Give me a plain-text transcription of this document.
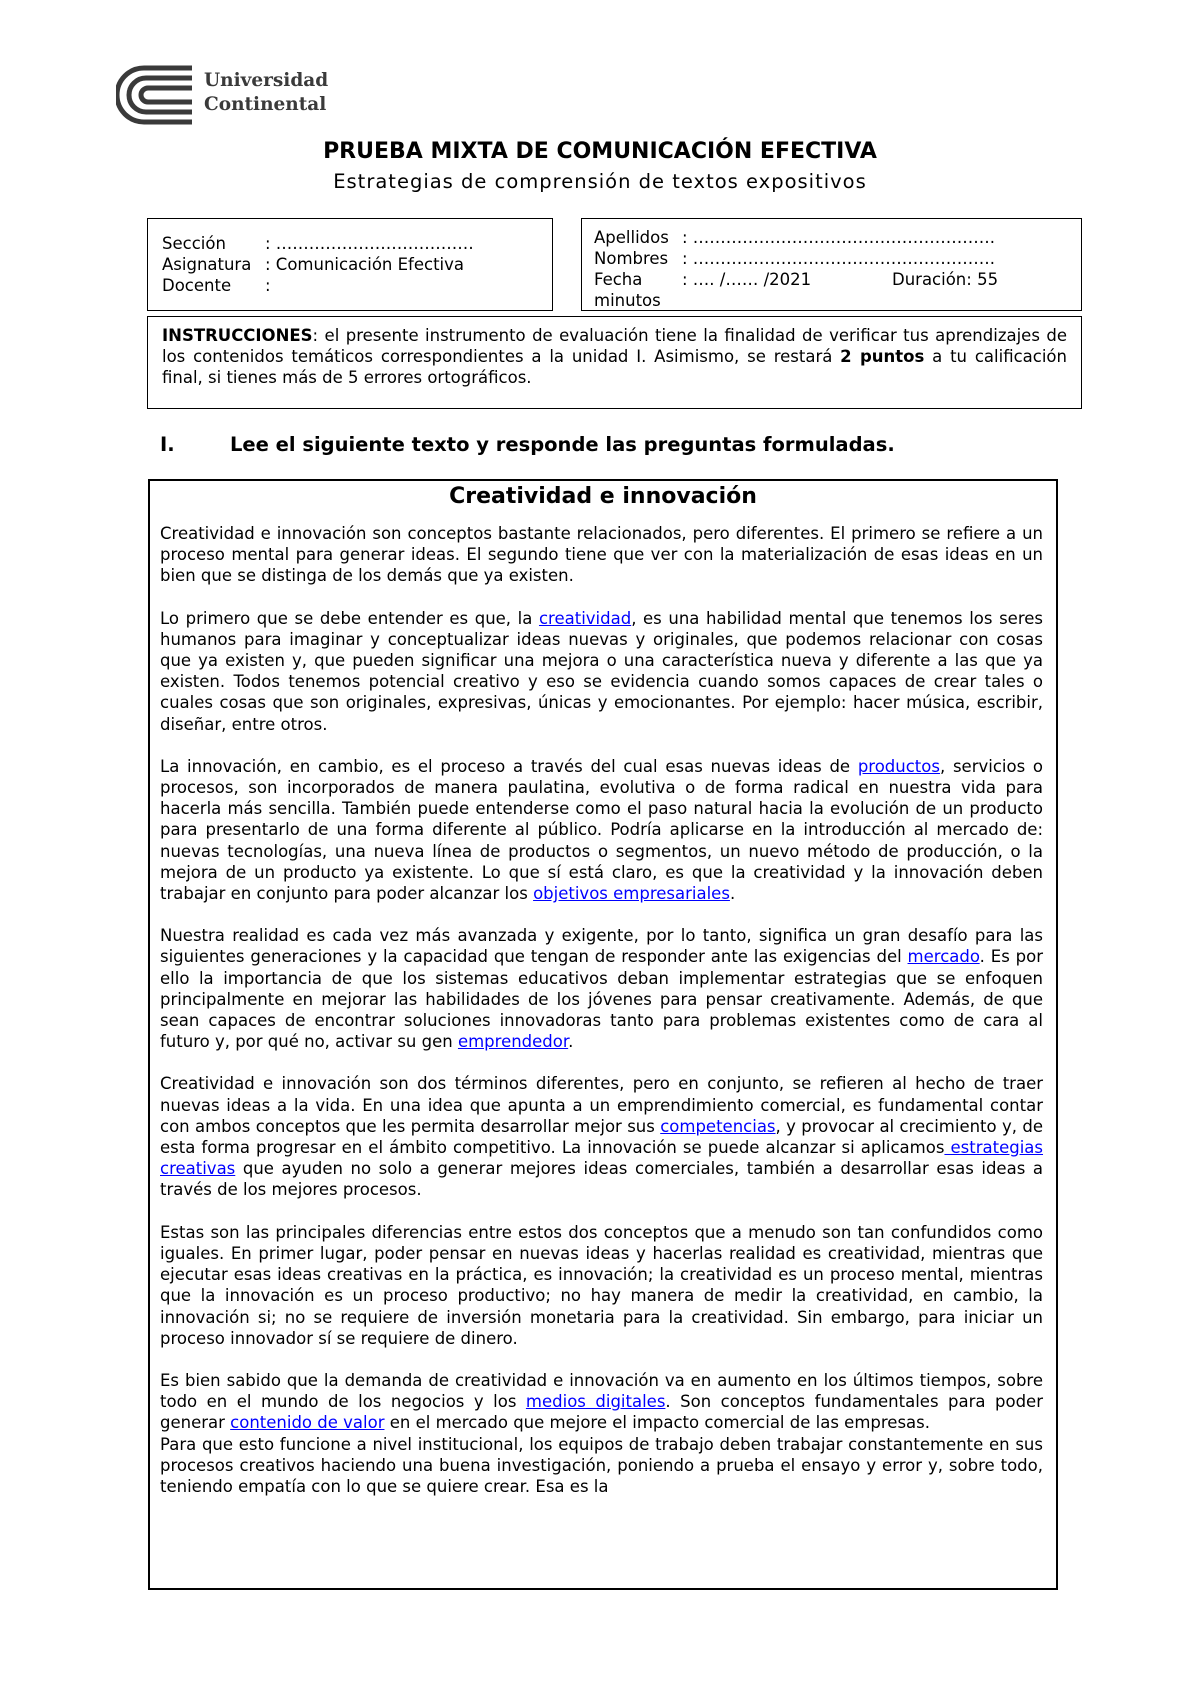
Universidad
Continental
PRUEBA MIXTA DE COMUNICACIÓN EFECTIVA
Estrategias de comprensión de textos expositivos
Sección : ………………………………
Asignatura : Comunicación Efectiva
Docente :
Apellidos : ……………………………………………….
Nombres : ……………………………………………….
Fecha : …. /…… /2021	Duración: 55
minutos
INSTRUCCIONES: el presente instrumento de evaluación tiene la finalidad de verificar tus aprendizajes de los contenidos temáticos correspondientes a la unidad I. Asimismo, se restará 2 puntos a tu calificación final, si tienes más de 5 errores ortográficos.
I.	Lee el siguiente texto y responde las preguntas formuladas.
Creatividad e innovación

Creatividad e innovación son conceptos bastante relacionados, pero diferentes. El primero se refiere a un proceso mental para generar ideas. El segundo tiene que ver con la materialización de esas ideas en un bien que se distinga de los demás que ya existen.

Lo primero que se debe entender es que, la creatividad, es una habilidad mental que tenemos los seres humanos para imaginar y conceptualizar ideas nuevas y originales, que podemos relacionar con cosas que ya existen y, que pueden significar una mejora o una característica nueva y diferente a las que ya existen. Todos tenemos potencial creativo y eso se evidencia cuando somos capaces de crear tales o cuales cosas que son originales, expresivas, únicas y emocionantes. Por ejemplo: hacer música, escribir, diseñar, entre otros.

La innovación, en cambio, es el proceso a través del cual esas nuevas ideas de productos, servicios o procesos, son incorporados de manera paulatina, evolutiva o de forma radical en nuestra vida para hacerla más sencilla. También puede entenderse como el paso natural hacia la evolución de un producto para presentarlo de una forma diferente al público. Podría aplicarse en la introducción al mercado de: nuevas tecnologías, una nueva línea de productos o segmentos, un nuevo método de producción, o la mejora de un producto ya existente. Lo que sí está claro, es que la creatividad y la innovación deben trabajar en conjunto para poder alcanzar los objetivos empresariales.

Nuestra realidad es cada vez más avanzada y exigente, por lo tanto, significa un gran desafío para las siguientes generaciones y la capacidad que tengan de responder ante las exigencias del mercado. Es por ello la importancia de que los sistemas educativos deban implementar estrategias que se enfoquen principalmente en mejorar las habilidades de los jóvenes para pensar creativamente. Además, de que sean capaces de encontrar soluciones innovadoras tanto para problemas existentes como de cara al futuro y, por qué no, activar su gen emprendedor.

Creatividad e innovación son dos términos diferentes, pero en conjunto, se refieren al hecho de traer nuevas ideas a la vida. En una idea que apunta a un emprendimiento comercial, es fundamental contar con ambos conceptos que les permita desarrollar mejor sus competencias, y provocar al crecimiento y, de esta forma progresar en el ámbito competitivo. La innovación se puede alcanzar si aplicamos estrategias creativas que ayuden no solo a generar mejores ideas comerciales, también a desarrollar esas ideas a través de los mejores procesos.

Estas son las principales diferencias entre estos dos conceptos que a menudo son tan confundidos como iguales. En primer lugar, poder pensar en nuevas ideas y hacerlas realidad es creatividad, mientras que ejecutar esas ideas creativas en la práctica, es innovación; la creatividad es un proceso mental, mientras que la innovación es un proceso productivo; no hay manera de medir la creatividad, en cambio, la innovación si; no se requiere de inversión monetaria para la creatividad. Sin embargo, para iniciar un proceso innovador sí se requiere de dinero.

Es bien sabido que la demanda de creatividad e innovación va en aumento en los últimos tiempos, sobre todo en el mundo de los negocios y los medios digitales. Son conceptos fundamentales para poder generar contenido de valor en el mercado que mejore el impacto comercial de las empresas.

Para que esto funcione a nivel institucional, los equipos de trabajo deben trabajar constantemente en sus procesos creativos haciendo una buena investigación, poniendo a prueba el ensayo y error y, sobre todo, teniendo empatía con lo que se quiere crear. Esa es la
